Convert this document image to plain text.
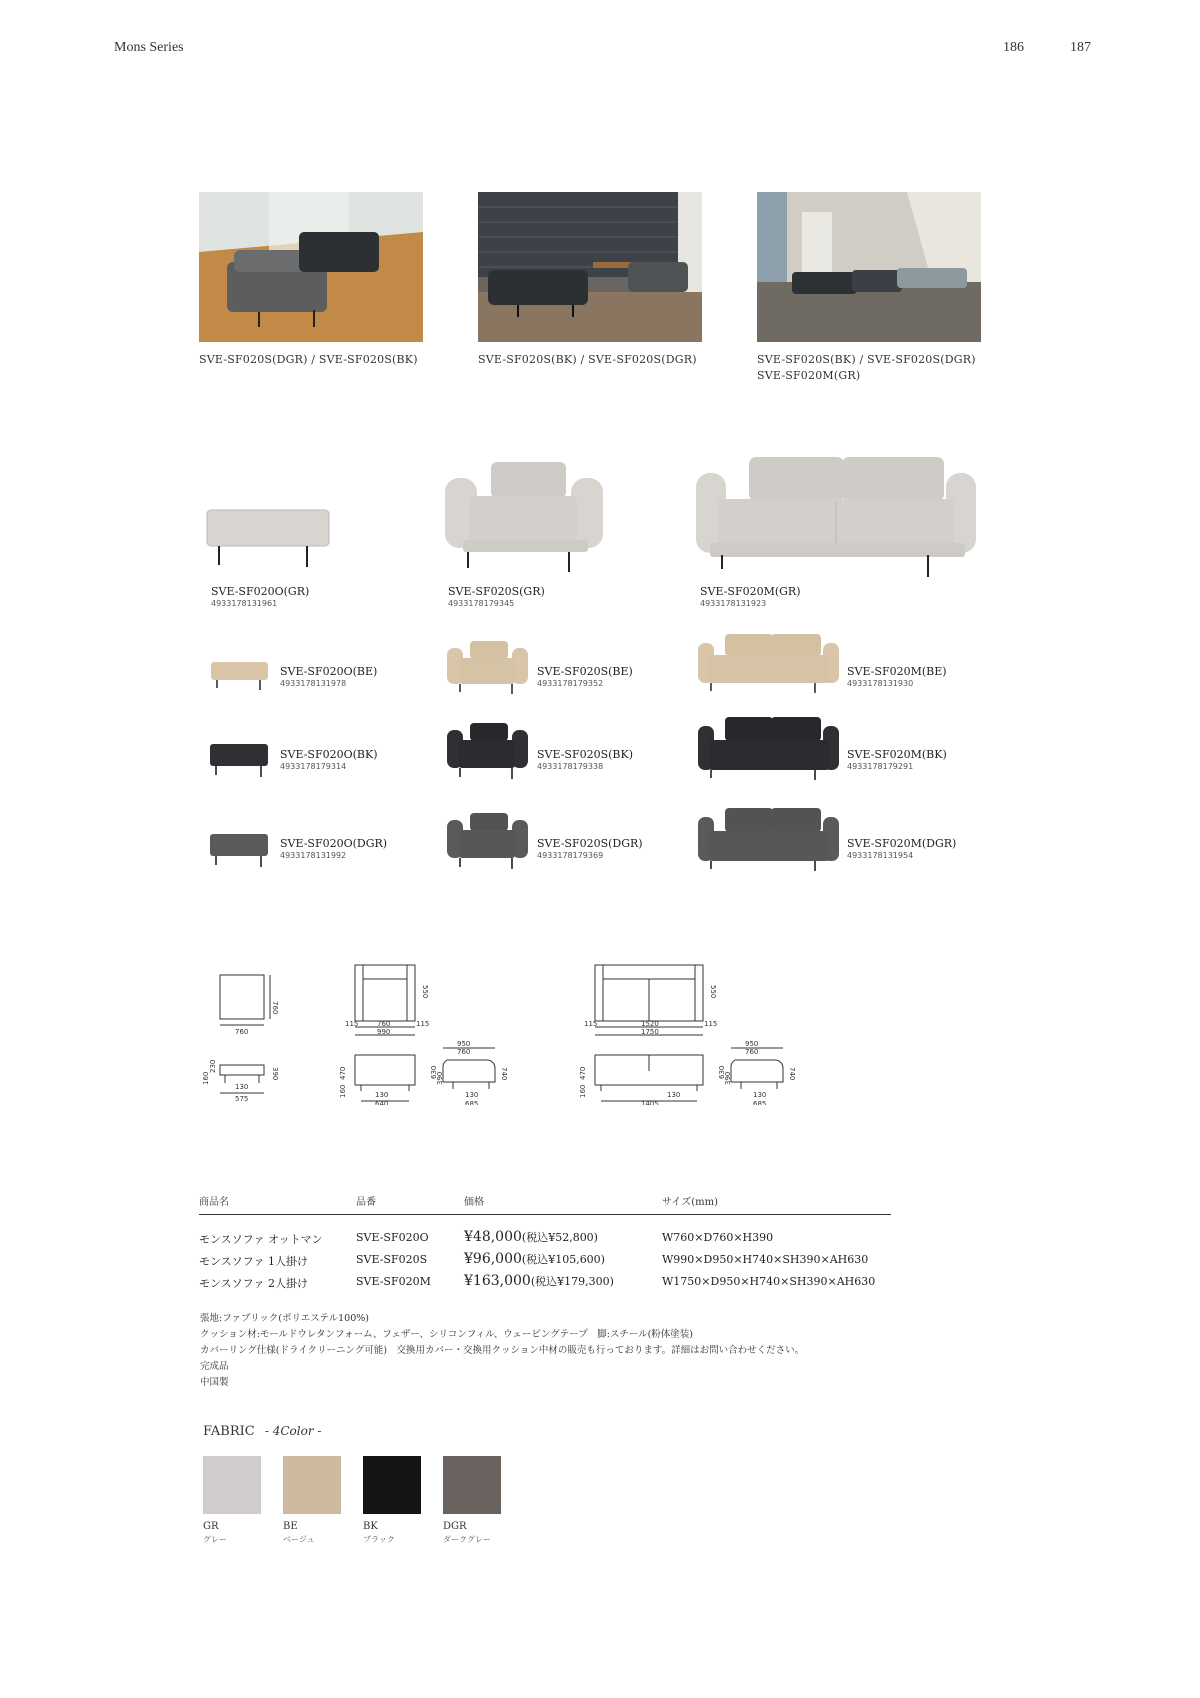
Mons Series	186	187
SVE-SF020S(DGR) / SVE-SF020S(BK)	SVE-SF020S(BK) / SVE-SF020S(DGR)	SVE-SF020S(BK) / SVE-SF020S(DGR)
SVE-SF020M(GR)
SVE-SF020O(GR)
4933178131961
SVE-SF020S(GR)
4933178179345
SVE-SF020M(GR)
4933178131923
SVE-SF020O(BE)
4933178131978
SVE-SF020S(BE)
4933178179352
SVE-SF020M(BE)
4933178131930
SVE-SF020O(BK)
4933178179314
SVE-SF020S(BK)
4933178179338
SVE-SF020M(BK)
4933178179291
SVE-SF020O(DGR)
4933178131992
SVE-SF020S(DGR)
4933178179369
SVE-SF020M(DGR)
4933178131954
760
760
160
230
390
130
575
115	760	115
990
550
470
160	130
640
950
760
630
390	740
130
685
115	1520	115
1750
550
470
160	130
1405
950
760
630
390	740
130
685
商品名	品番	価格	サイズ(mm)
モンスソファ オットマン	SVE-SF020O	¥48,000(税込¥52,800)	W760×D760×H390
モンスソファ 1人掛け	SVE-SF020S	¥96,000(税込¥105,600)	W990×D950×H740×SH390×AH630
モンスソファ 2人掛け	SVE-SF020M ¥163,000(税込¥179,300)	W1750×D950×H740×SH390×AH630
張地:ファブリック(ポリエステル100%)
クッション材:モールドウレタンフォーム、フェザー、シリコンフィル、ウェービングテープ　脚:スチール(粉体塗装)
カバーリング仕様(ドライクリーニング可能)　交換用カバー・交換用クッション中材の販売も行っております。詳細はお問い合わせください。
完成品
中国製
FABRIC - 4Color -
GR
グレー
BE
ベージュ
BK
ブラック
DGR
ダークグレー
